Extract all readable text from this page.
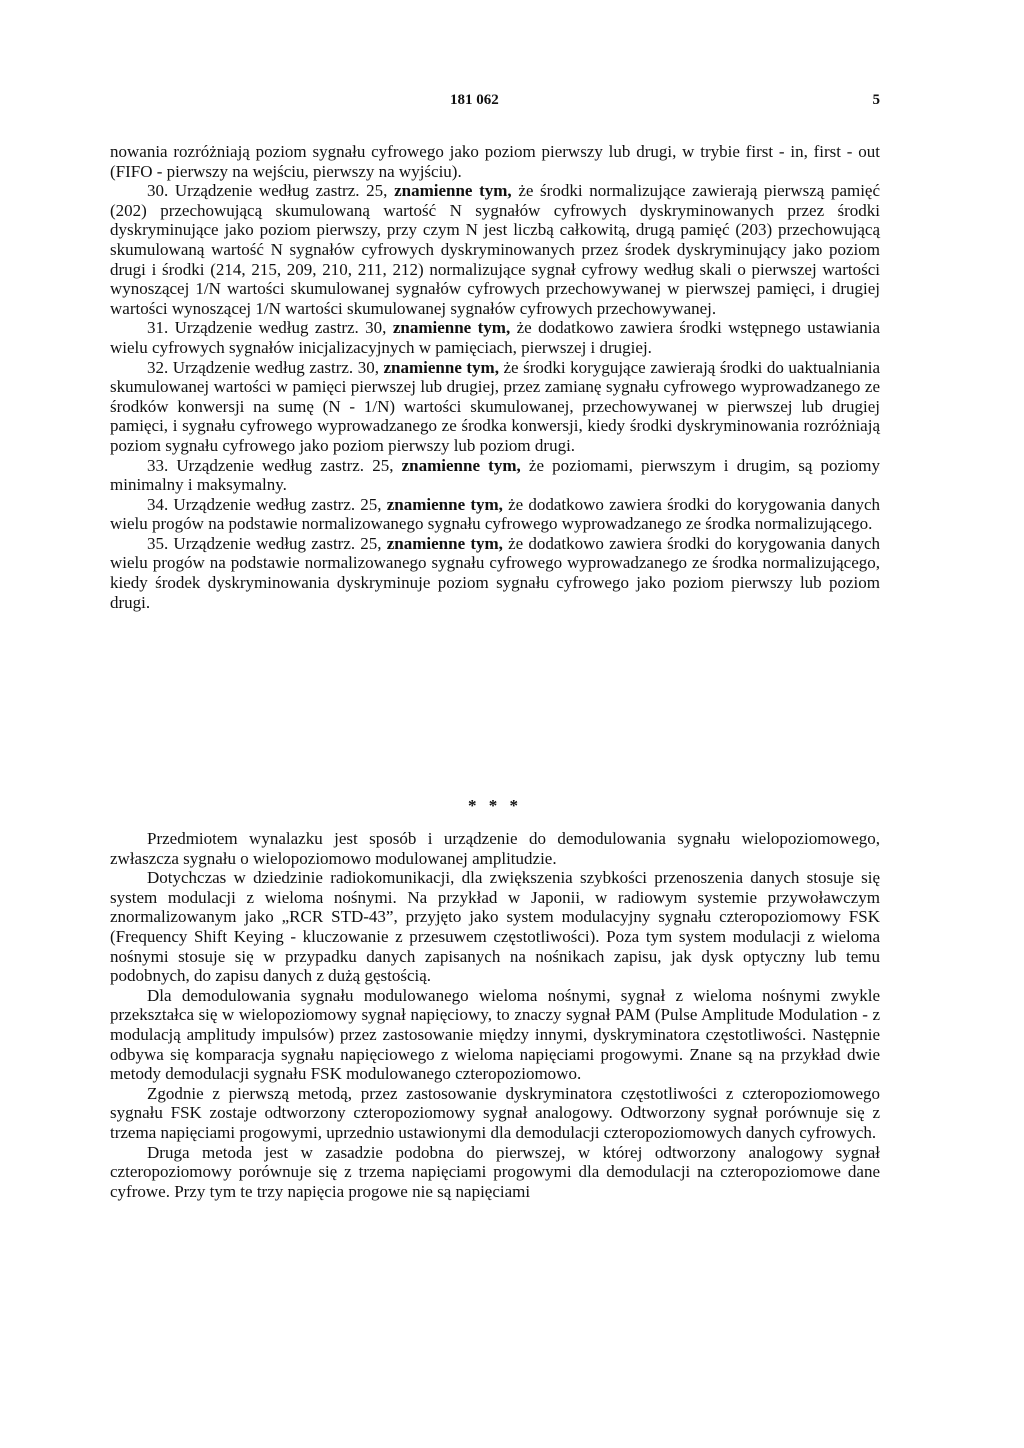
181 062	5

nowania rozróżniają poziom sygnału cyfrowego jako poziom pierwszy lub drugi, w trybie first - in, first - out (FIFO - pierwszy na wejściu, pierwszy na wyjściu).

30. Urządzenie według zastrz. 25, znamienne tym, że środki normalizujące zawierają pierwszą pamięć (202) przechowującą skumulowaną wartość N sygnałów cyfrowych dyskryminowanych przez środki dyskryminujące jako poziom pierwszy, przy czym N jest liczbą całkowitą, drugą pamięć (203) przechowującą skumulowaną wartość N sygnałów cyfrowych dyskryminowanych przez środek dyskryminujący jako poziom drugi i środki (214, 215, 209, 210, 211, 212) normalizujące sygnał cyfrowy według skali o pierwszej wartości wynoszącej 1/N wartości skumulowanej sygnałów cyfrowych przechowywanej w pierwszej pamięci, i drugiej wartości wynoszącej 1/N wartości skumulowanej sygnałów cyfrowych przechowywanej.

31. Urządzenie według zastrz. 30, znamienne tym, że dodatkowo zawiera środki wstępnego ustawiania wielu cyfrowych sygnałów inicjalizacyjnych w pamięciach, pierwszej i drugiej.

32. Urządzenie według zastrz. 30, znamienne tym, że środki korygujące zawierają środki do uaktualniania skumulowanej wartości w pamięci pierwszej lub drugiej, przez zamianę sygnału cyfrowego wyprowadzanego ze środków konwersji na sumę (N - 1/N) wartości skumulowanej, przechowywanej w pierwszej lub drugiej pamięci, i sygnału cyfrowego wyprowadzanego ze środka konwersji, kiedy środki dyskryminowania rozróżniają poziom sygnału cyfrowego jako poziom pierwszy lub poziom drugi.

33. Urządzenie według zastrz. 25, znamienne tym, że poziomami, pierwszym i drugim, są poziomy minimalny i maksymalny.

34. Urządzenie według zastrz. 25, znamienne tym, że dodatkowo zawiera środki do korygowania danych wielu progów na podstawie normalizowanego sygnału cyfrowego wyprowadzanego ze środka normalizującego.

35. Urządzenie według zastrz. 25, znamienne tym, że dodatkowo zawiera środki do korygowania danych wielu progów na podstawie normalizowanego sygnału cyfrowego wyprowadzanego ze środka normalizującego, kiedy środek dyskryminowania dyskryminuje poziom sygnału cyfrowego jako poziom pierwszy lub poziom drugi.

* * *

Przedmiotem wynalazku jest sposób i urządzenie do demodulowania sygnału wielopoziomowego, zwłaszcza sygnału o wielopoziomowo modulowanej amplitudzie.

Dotychczas w dziedzinie radiokomunikacji, dla zwiększenia szybkości przenoszenia danych stosuje się system modulacji z wieloma nośnymi. Na przykład w Japonii, w radiowym systemie przywoławczym znormalizowanym jako „RCR STD-43”, przyjęto jako system modulacyjny sygnału czteropoziomowy FSK (Frequency Shift Keying - kluczowanie z przesuwem częstotliwości). Poza tym system modulacji z wieloma nośnymi stosuje się w przypadku danych zapisanych na nośnikach zapisu, jak dysk optyczny lub temu podobnych, do zapisu danych z dużą gęstością.

Dla demodulowania sygnału modulowanego wieloma nośnymi, sygnał z wieloma nośnymi zwykle przekształca się w wielopoziomowy sygnał napięciowy, to znaczy sygnał PAM (Pulse Amplitude Modulation - z modulacją amplitudy impulsów) przez zastosowanie między innymi, dyskryminatora częstotliwości. Następnie odbywa się komparacja sygnału napięciowego z wieloma napięciami progowymi. Znane są na przykład dwie metody demodulacji sygnału FSK modulowanego czteropoziomowo.

Zgodnie z pierwszą metodą, przez zastosowanie dyskryminatora częstotliwości z czteropoziomowego sygnału FSK zostaje odtworzony czteropoziomowy sygnał analogowy. Odtworzony sygnał porównuje się z trzema napięciami progowymi, uprzednio ustawionymi dla demodulacji czteropoziomowych danych cyfrowych.

Druga metoda jest w zasadzie podobna do pierwszej, w której odtworzony analogowy sygnał czteropoziomowy porównuje się z trzema napięciami progowymi dla demodulacji na czteropoziomowe dane cyfrowe. Przy tym te trzy napięcia progowe nie są napięciami
